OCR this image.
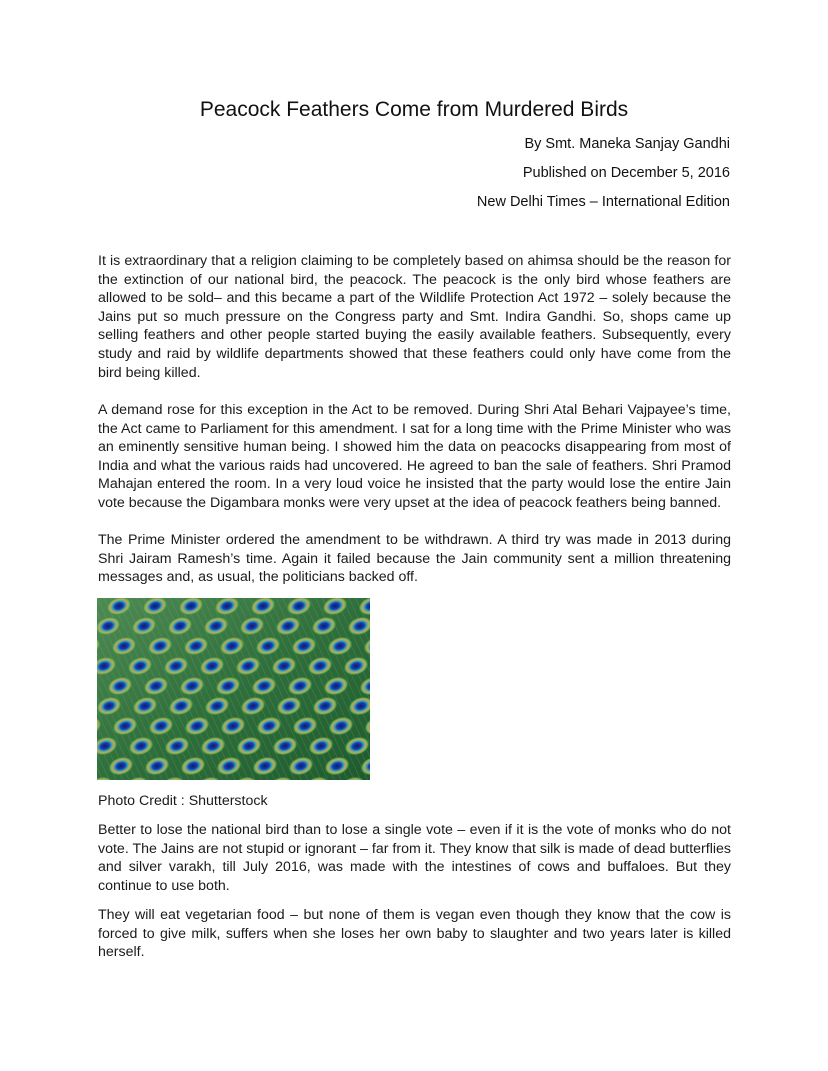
Peacock Feathers Come from Murdered Birds
By Smt. Maneka Sanjay Gandhi
Published on December 5, 2016
New Delhi Times – International Edition

It is extraordinary that a religion claiming to be completely based on ahimsa should be the reason for the extinction of our national bird, the peacock. The peacock is the only bird whose feathers are allowed to be sold– and this became a part of the Wildlife Protection Act 1972 – solely because the Jains put so much pressure on the Congress party and Smt. Indira Gandhi. So, shops came up selling feathers and other people started buying the easily available feathers. Subsequently, every study and raid by wildlife departments showed that these feathers could only have come from the bird being killed.

A demand rose for this exception in the Act to be removed. During Shri Atal Behari Vajpayee’s time, the Act came to Parliament for this amendment. I sat for a long time with the Prime Minister who was an eminently sensitive human being. I showed him the data on peacocks disappearing from most of India and what the various raids had uncovered. He agreed to ban the sale of feathers. Shri Pramod Mahajan entered the room. In a very loud voice he insisted that the party would lose the entire Jain vote because the Digambara monks were very upset at the idea of peacock feathers being banned.

The Prime Minister ordered the amendment to be withdrawn. A third try was made in 2013 during Shri Jairam Ramesh’s time. Again it failed because the Jain community sent a million threatening messages and, as usual, the politicians backed off.

Photo Credit : Shutterstock

Better to lose the national bird than to lose a single vote – even if it is the vote of monks who do not vote. The Jains are not stupid or ignorant – far from it. They know that silk is made of dead butterflies and silver varakh, till July 2016, was made with the intestines of cows and buffaloes. But they continue to use both.

They will eat vegetarian food – but none of them is vegan even though they know that the cow is forced to give milk, suffers when she loses her own baby to slaughter and two years later is killed herself.
